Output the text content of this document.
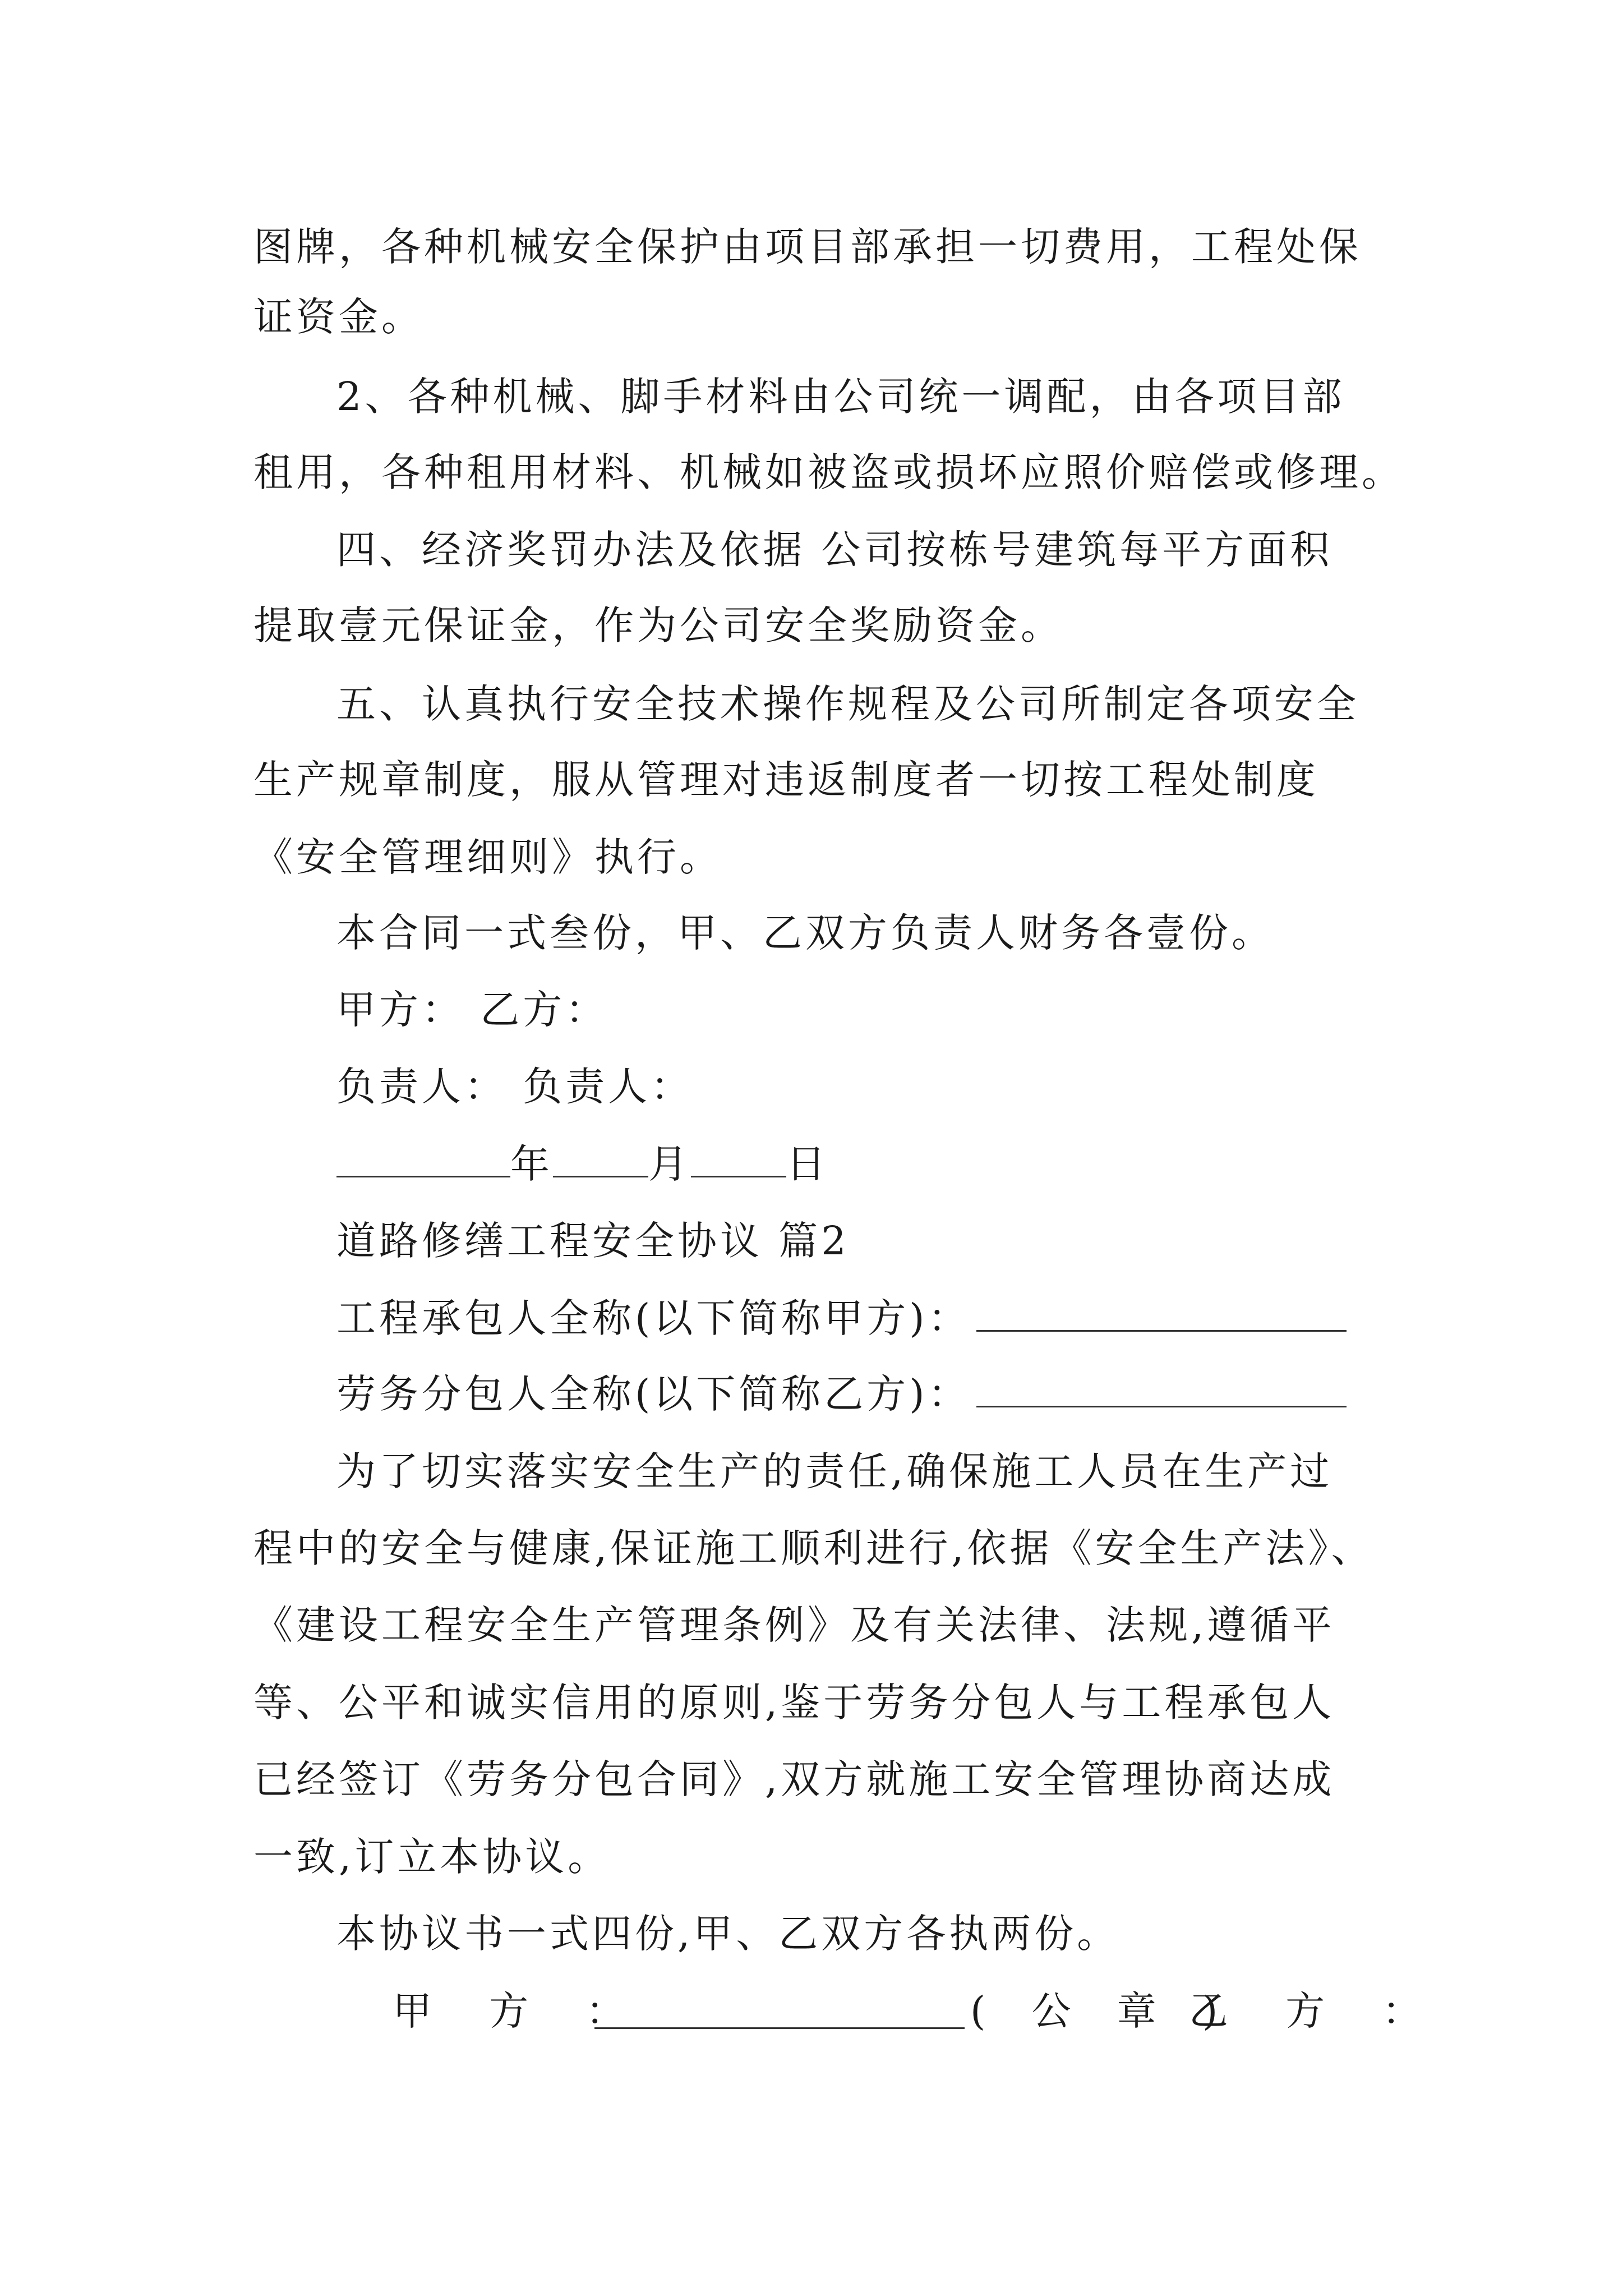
图牌，各种机械安全保护由项目部承担一切费用，工程处保
证资金。
2、各种机械、脚手材料由公司统一调配，由各项目部
租用，各种租用材料、机械如被盗或损坏应照价赔偿或修理。
四、经济奖罚办法及依据 公司按栋号建筑每平方面积
提取壹元保证金，作为公司安全奖励资金。
五、认真执行安全技术操作规程及公司所制定各项安全
生产规章制度，服从管理对违返制度者一切按工程处制度
《安全管理细则》执行。
本合同一式叁份，甲、乙双方负责人财务各壹份。
甲方： 乙方：
负责人： 负责人：
年 月 日
道路修缮工程安全协议 篇2
工程承包人全称(以下简称甲方)：
劳务分包人全称(以下简称乙方)：
为了切实落实安全生产的责任,确保施工人员在生产过
程中的安全与健康,保证施工顺利进行,依据《安全生产法》、
《建设工程安全生产管理条例》及有关法律、法规,遵循平
等、公平和诚实信用的原则,鉴于劳务分包人与工程承包人
已经签订《劳务分包合同》,双方就施工安全管理协商达成
一致,订立本协议。
本协议书一式四份,甲、乙双方各执两份。
甲 方 ：	( 公 章 )
乙 方 ：
